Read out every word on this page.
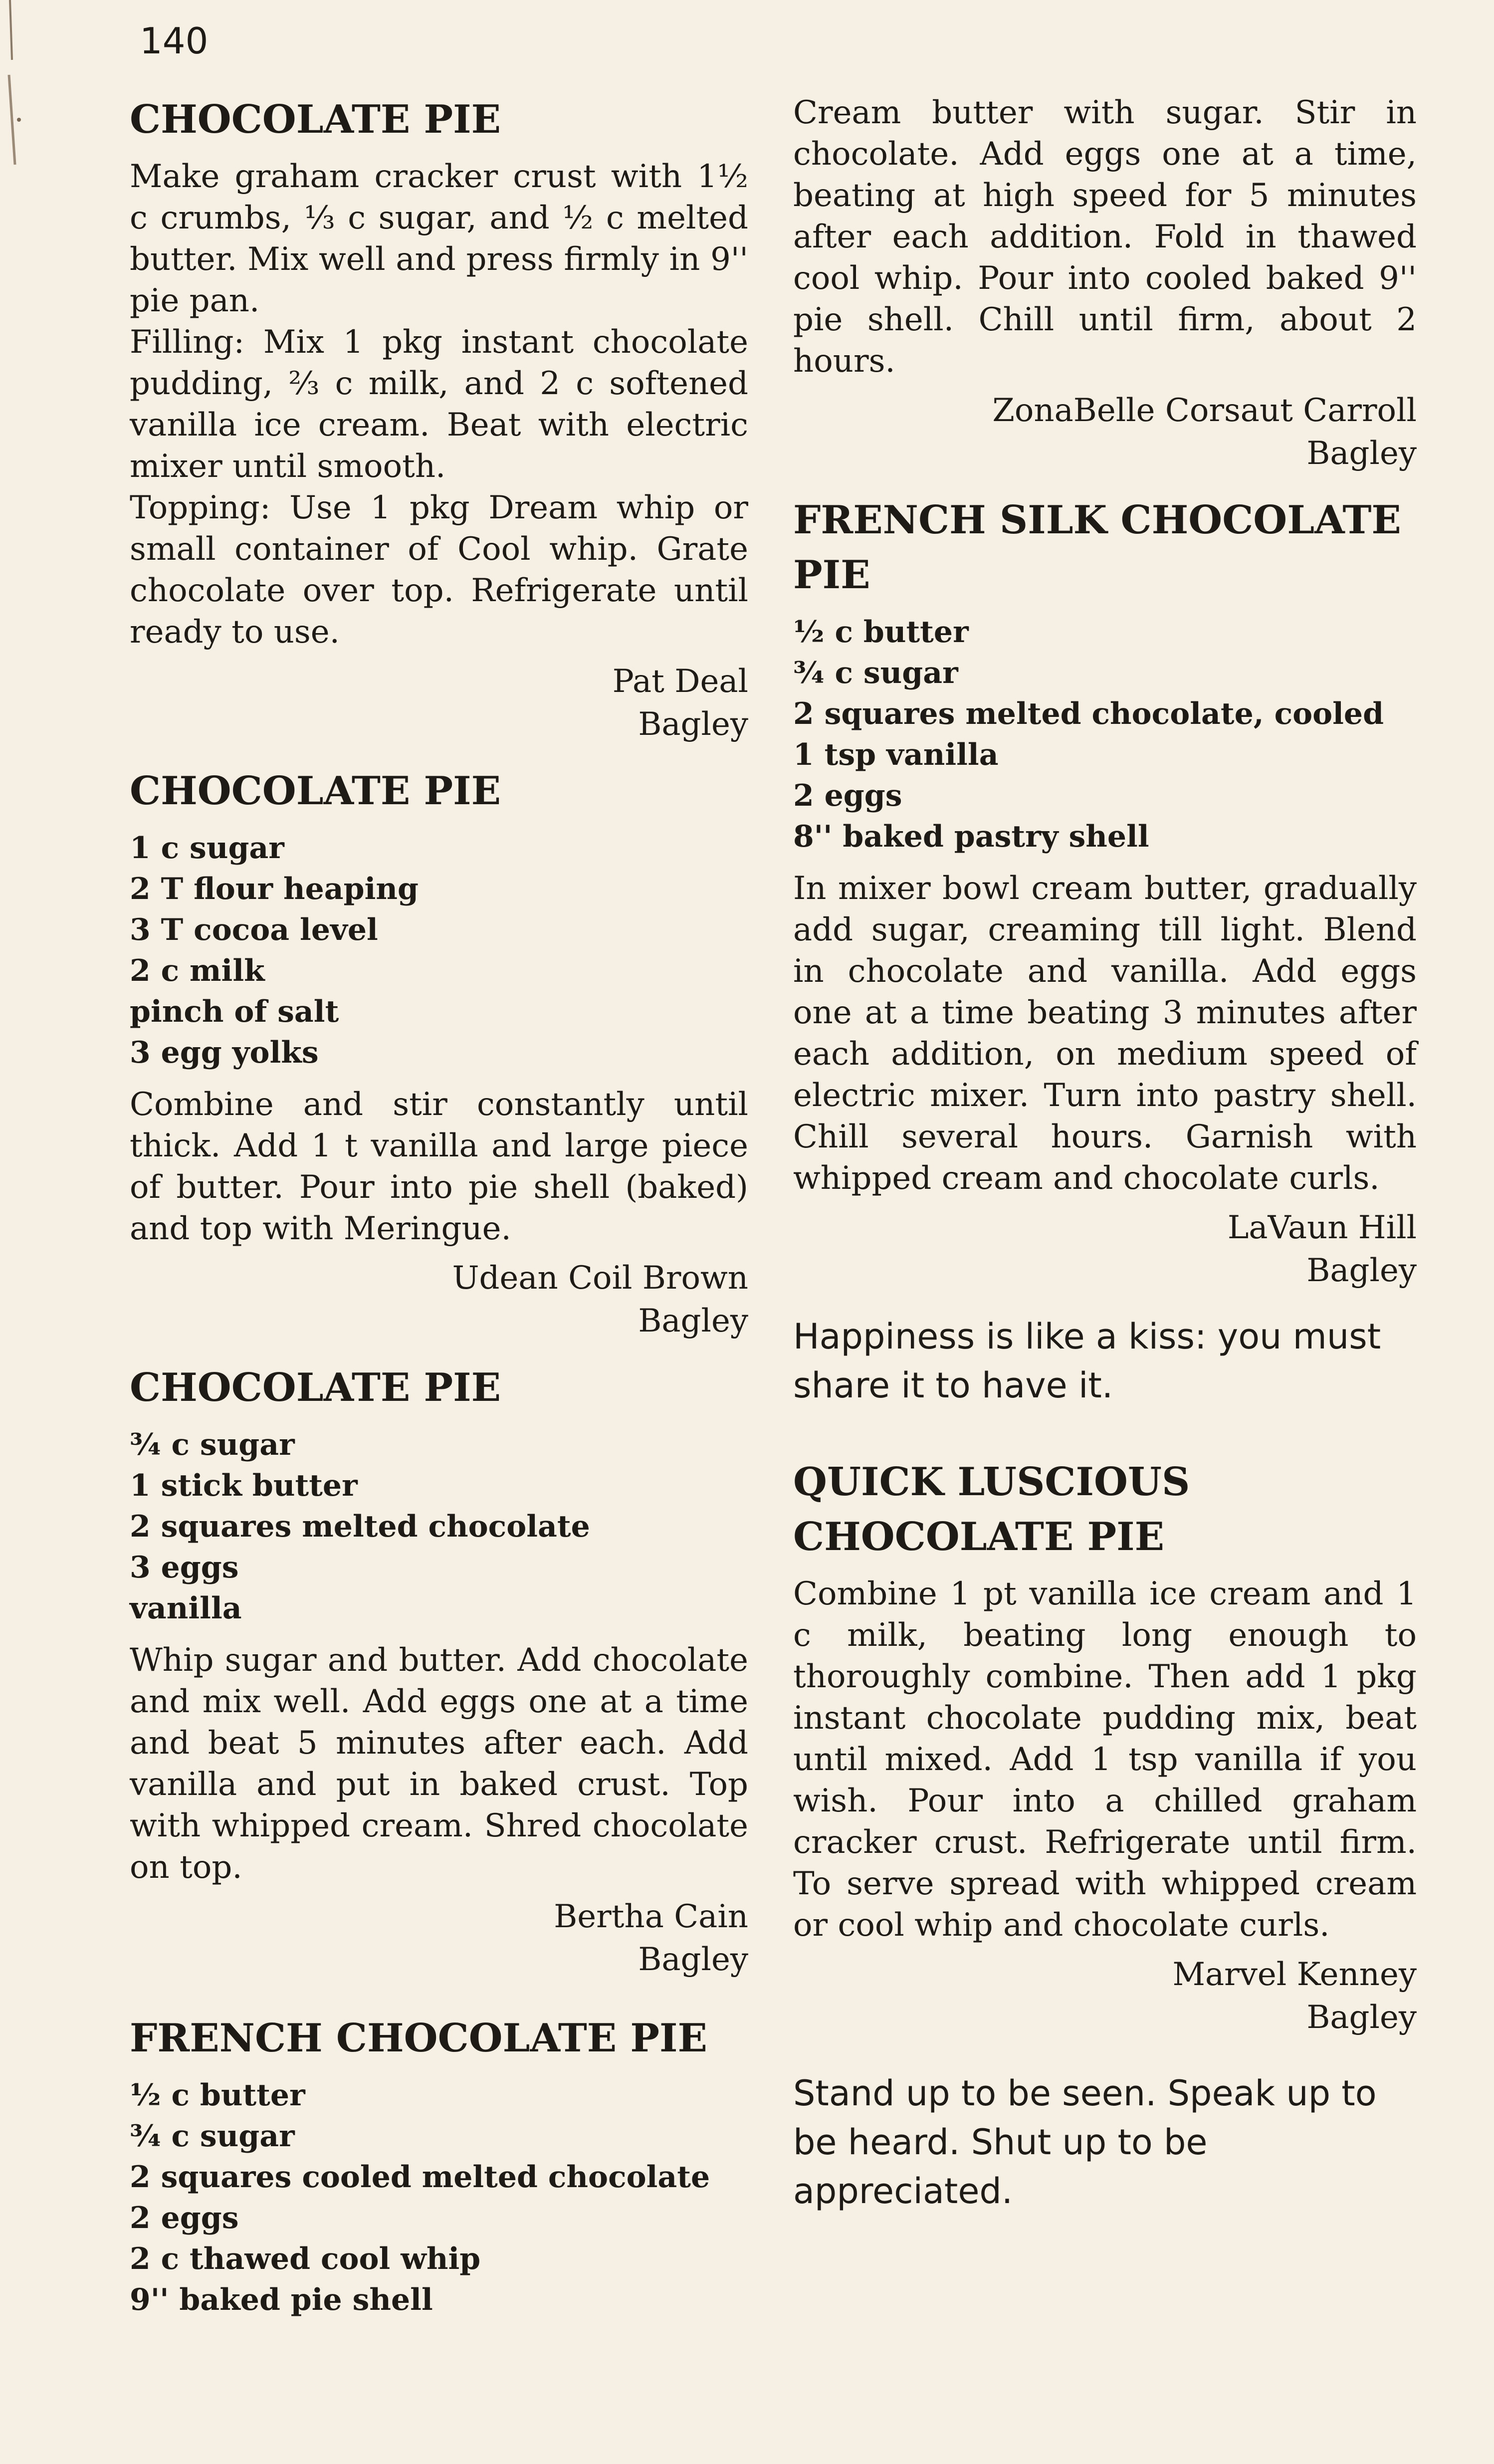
140
CHOCOLATE PIE

Make graham cracker crust with 1½ c crumbs, ⅓ c sugar, and ½ c melted butter. Mix well and press firmly in 9'' pie pan.

Filling: Mix 1 pkg instant chocolate pudding, ⅔ c milk, and 2 c softened vanilla ice cream. Beat with electric mixer until smooth.

Topping: Use 1 pkg Dream whip or small container of Cool whip. Grate chocolate over top. Refrigerate until ready to use.

Pat Deal
Bagley
CHOCOLATE PIE
1 c sugar
2 T flour heaping
3 T cocoa level
2 c milk
pinch of salt
3 egg yolks

Combine and stir constantly until thick. Add 1 t vanilla and large piece of butter. Pour into pie shell (baked) and top with Meringue.

Udean Coil Brown
Bagley
CHOCOLATE PIE
¾ c sugar
1 stick butter
2 squares melted chocolate
3 eggs
vanilla

Whip sugar and butter. Add chocolate and mix well. Add eggs one at a time and beat 5 minutes after each. Add vanilla and put in baked crust. Top with whipped cream. Shred chocolate on top.

Bertha Cain
Bagley
FRENCH CHOCOLATE PIE
½ c butter
¾ c sugar
2 squares cooled melted chocolate
2 eggs
2 c thawed cool whip
9'' baked pie shell

Cream butter with sugar. Stir in chocolate. Add eggs one at a time, beating at high speed for 5 minutes after each addition. Fold in thawed cool whip. Pour into cooled baked 9'' pie shell. Chill until firm, about 2 hours.

ZonaBelle Corsaut Carroll
Bagley
FRENCH SILK CHOCOLATE PIE
½ c butter
¾ c sugar
2 squares melted chocolate, cooled
1 tsp vanilla
2 eggs
8'' baked pastry shell

In mixer bowl cream butter, gradually add sugar, creaming till light. Blend in chocolate and vanilla. Add eggs one at a time beating 3 minutes after each addition, on medium speed of electric mixer. Turn into pastry shell. Chill several hours. Garnish with whipped cream and chocolate curls.

LaVaun Hill
Bagley

Happiness is like a kiss: you must share it to have it.

QUICK LUSCIOUS CHOCOLATE PIE

Combine 1 pt vanilla ice cream and 1 c milk, beating long enough to thoroughly combine. Then add 1 pkg instant chocolate pudding mix, beat until mixed. Add 1 tsp vanilla if you wish. Pour into a chilled graham cracker crust. Refrigerate until firm. To serve spread with whipped cream or cool whip and chocolate curls.

Marvel Kenney
Bagley

Stand up to be seen. Speak up to be heard. Shut up to be appreciated.
